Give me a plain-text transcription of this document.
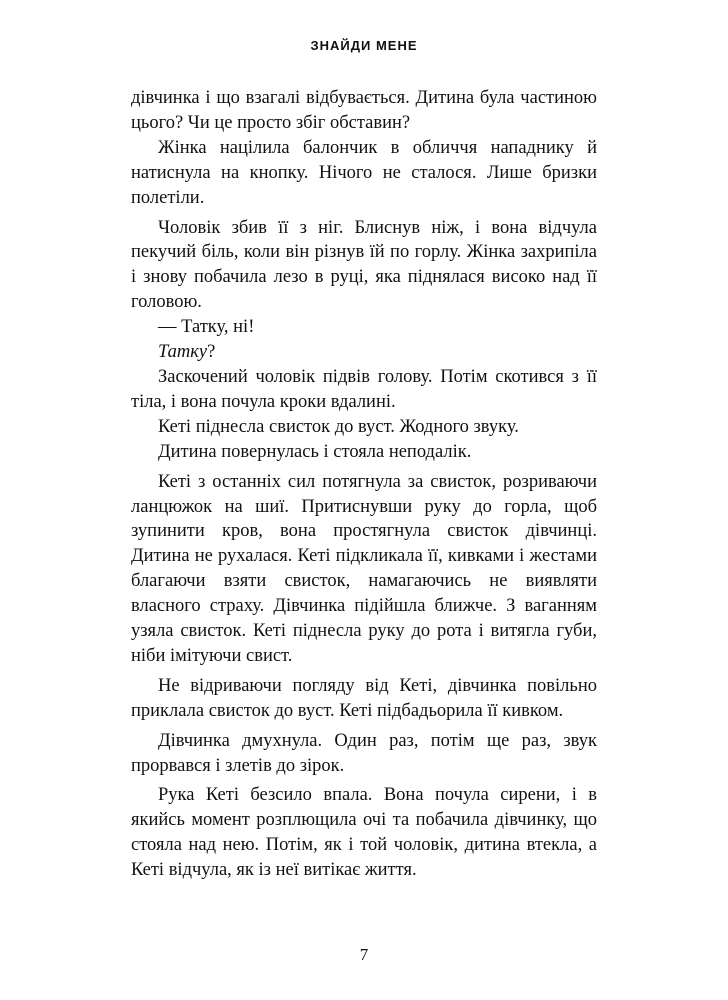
ЗНАЙДИ МЕНЕ

дівчинка і що взагалі відбувається. Дитина була частиною цього? Чи це просто збіг обставин?

Жінка націлила балончик в обличчя нападнику й натиснула на кнопку. Нічого не сталося. Лише бризки полетіли.

Чоловік збив її з ніг. Блиснув ніж, і вона відчула пекучий біль, коли він різнув їй по горлу. Жінка захрипіла і знову побачила лезо в руці, яка піднялася високо над її головою.

— Татку, ні!

Татку?

Заскочений чоловік підвів голову. Потім скотився з її тіла, і вона почула кроки вдалині.

Кеті піднесла свисток до вуст. Жодного звуку.

Дитина повернулась і стояла неподалік.

Кеті з останніх сил потягнула за свисток, розриваючи ланцюжок на шиї. Притиснувши руку до горла, щоб зупинити кров, вона простягнула свисток дівчинці. Дитина не рухалася. Кеті підкликала її, кивками і жестами благаючи взяти свисток, намагаючись не виявляти власного страху. Дівчинка підійшла ближче. З ваганням узяла свисток. Кеті піднесла руку до рота і витягла губи, ніби імітуючи свист.

Не відриваючи погляду від Кеті, дівчинка повільно приклала свисток до вуст. Кеті підбадьорила її кивком.

Дівчинка дмухнула. Один раз, потім ще раз, звук прорвався і злетів до зірок.

Рука Кеті безсило впала. Вона почула сирени, і в якийсь момент розплющила очі та побачила дівчинку, що стояла над нею. Потім, як і той чоловік, дитина втекла, а Кеті відчула, як із неї витікає життя.

7
